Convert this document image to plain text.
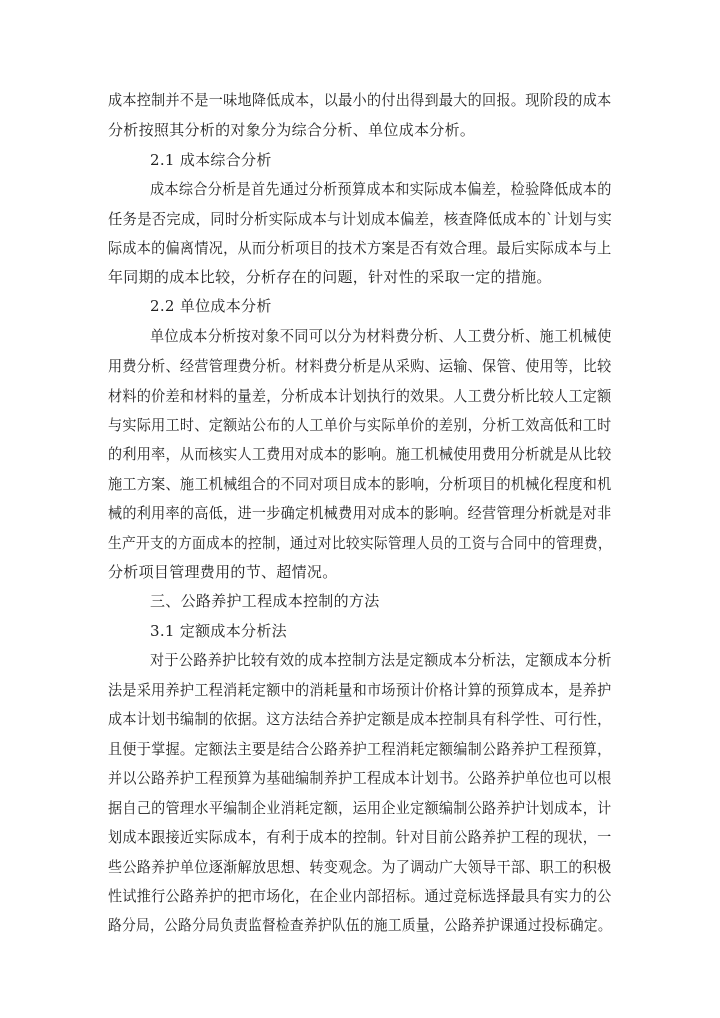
成本控制并不是一味地降低成本，以最小的付出得到最大的回报。现阶段的成本
分析按照其分析的对象分为综合分析、单位成本分析。
2.1 成本综合分析
成本综合分析是首先通过分析预算成本和实际成本偏差，检验降低成本的
任务是否完成，同时分析实际成本与计划成本偏差，核查降低成本的`计划与实
际成本的偏离情况，从而分析项目的技术方案是否有效合理。最后实际成本与上
年同期的成本比较，分析存在的问题，针对性的采取一定的措施。
2.2 单位成本分析
单位成本分析按对象不同可以分为材料费分析、人工费分析、施工机械使
用费分析、经营管理费分析。材料费分析是从采购、运输、保管、使用等，比较
材料的价差和材料的量差，分析成本计划执行的效果。人工费分析比较人工定额
与实际用工时、定额站公布的人工单价与实际单价的差别，分析工效高低和工时
的利用率，从而核实人工费用对成本的影响。施工机械使用费用分析就是从比较
施工方案、施工机械组合的不同对项目成本的影响，分析项目的机械化程度和机
械的利用率的高低，进一步确定机械费用对成本的影响。经营管理分析就是对非
生产开支的方面成本的控制，通过对比较实际管理人员的工资与合同中的管理费，
分析项目管理费用的节、超情况。
三、公路养护工程成本控制的方法
3.1 定额成本分析法
对于公路养护比较有效的成本控制方法是定额成本分析法，定额成本分析
法是采用养护工程消耗定额中的消耗量和市场预计价格计算的预算成本，是养护
成本计划书编制的依据。这方法结合养护定额是成本控制具有科学性、可行性，
且便于掌握。定额法主要是结合公路养护工程消耗定额编制公路养护工程预算，
并以公路养护工程预算为基础编制养护工程成本计划书。公路养护单位也可以根
据自己的管理水平编制企业消耗定额，运用企业定额编制公路养护计划成本，计
划成本跟接近实际成本，有利于成本的控制。针对目前公路养护工程的现状，一
些公路养护单位逐渐解放思想、转变观念。为了调动广大领导干部、职工的积极
性试推行公路养护的把市场化，在企业内部招标。通过竞标选择最具有实力的公
路分局，公路分局负责监督检查养护队伍的施工质量，公路养护课通过投标确定。
